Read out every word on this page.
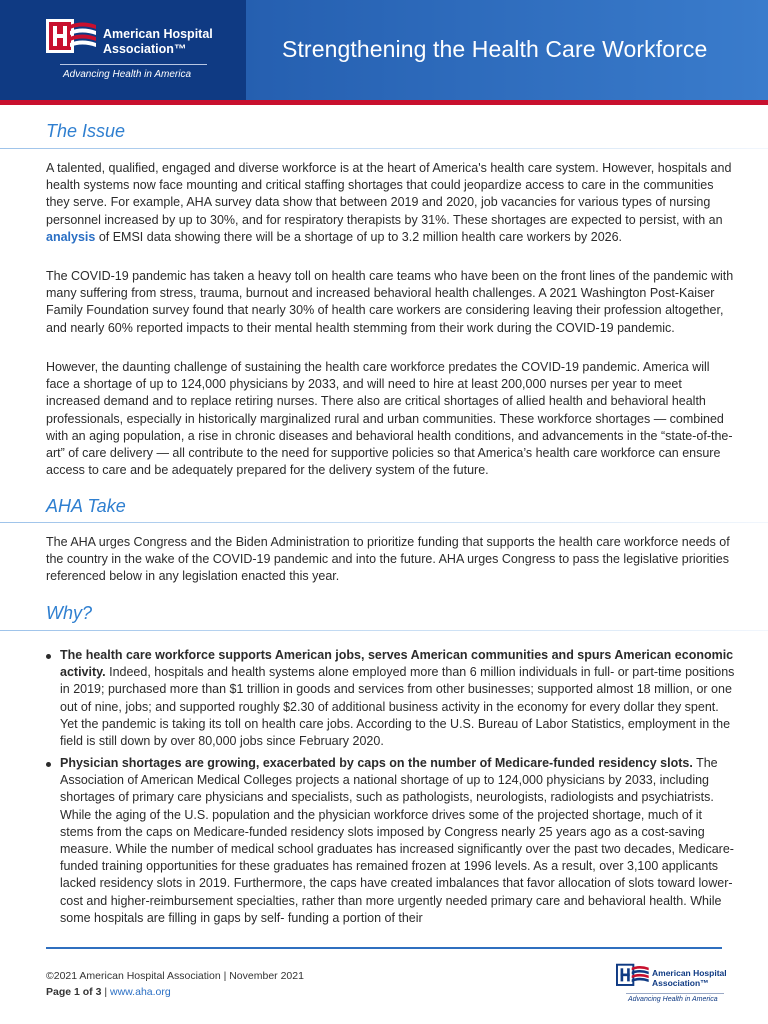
American Hospital
Association™
Advancing Health in America
Strengthening the Health Care Workforce
The Issue
A talented, qualified, engaged and diverse workforce is at the heart of America's health care system. However, hospitals and health systems now face mounting and critical staffing shortages that could jeopardize access to care in the communities they serve. For example, AHA survey data show that between 2019 and 2020, job vacancies for various types of nursing personnel increased by up to 30%, and for respiratory therapists by 31%. These shortages are expected to persist, with an analysis of EMSI data showing there will be a shortage of up to 3.2 million health care workers by 2026.
The COVID-19 pandemic has taken a heavy toll on health care teams who have been on the front lines of the pandemic with many suffering from stress, trauma, burnout and increased behavioral health challenges. A 2021 Washington Post-Kaiser Family Foundation survey found that nearly 30% of health care workers are considering leaving their profession altogether, and nearly 60% reported impacts to their mental health stemming from their work during the COVID-19 pandemic.
However, the daunting challenge of sustaining the health care workforce predates the COVID-19 pandemic. America will face a shortage of up to 124,000 physicians by 2033, and will need to hire at least 200,000 nurses per year to meet increased demand and to replace retiring nurses. There also are critical shortages of allied health and behavioral health professionals, especially in historically marginalized rural and urban communities. These workforce shortages — combined with an aging population, a rise in chronic diseases and behavioral health conditions, and advancements in the “state-of-the-art” of care delivery — all contribute to the need for supportive policies so that America’s health care workforce can ensure access to care and be adequately prepared for the delivery system of the future.
AHA Take
The AHA urges Congress and the Biden Administration to prioritize funding that supports the health care workforce needs of the country in the wake of the COVID-19 pandemic and into the future. AHA urges Congress to pass the legislative priorities referenced below in any legislation enacted this year.
Why?
The health care workforce supports American jobs, serves American communities and spurs American economic activity. Indeed, hospitals and health systems alone employed more than 6 million individuals in full- or part-time positions in 2019; purchased more than $1 trillion in goods and services from other businesses; supported almost 18 million, or one out of nine, jobs; and supported roughly $2.30 of additional business activity in the economy for every dollar they spent. Yet the pandemic is taking its toll on health care jobs. According to the U.S. Bureau of Labor Statistics, employment in the field is still down by over 80,000 jobs since February 2020.
Physician shortages are growing, exacerbated by caps on the number of Medicare-funded residency slots. The Association of American Medical Colleges projects a national shortage of up to 124,000 physicians by 2033, including shortages of primary care physicians and specialists, such as pathologists, neurologists, radiologists and psychiatrists. While the aging of the U.S. population and the physician workforce drives some of the projected shortage, much of it stems from the caps on Medicare-funded residency slots imposed by Congress nearly 25 years ago as a cost-saving measure. While the number of medical school graduates has increased significantly over the past two decades, Medicare-funded training opportunities for these graduates has remained frozen at 1996 levels. As a result, over 3,100 applicants lacked residency slots in 2019. Furthermore, the caps have created imbalances that favor allocation of slots toward lower-cost and higher-reimbursement specialties, rather than more urgently needed primary care and behavioral health. While some hospitals are filling in gaps by self- funding a portion of their
©2021 American Hospital Association | November 2021
Page 1 of 3 | www.aha.org
American Hospital
Association™
Advancing Health in America
